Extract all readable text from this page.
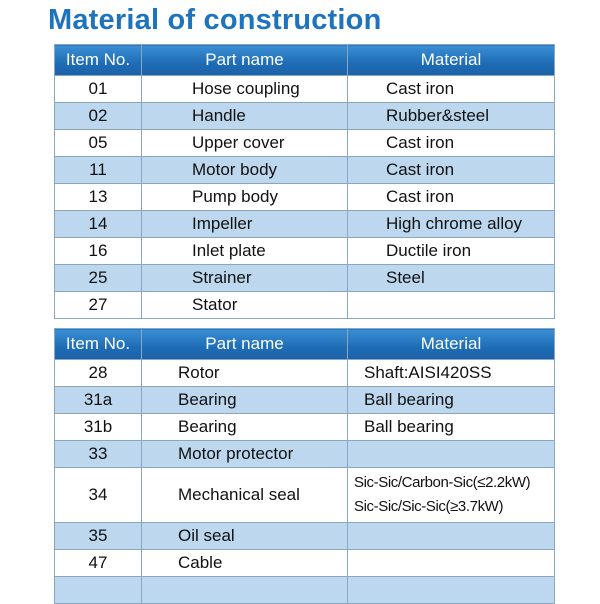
Material of construction
Item No.	Part name	Material
01	Hose coupling	Cast iron
02	Handle	Rubber&steel
05	Upper cover	Cast iron
11	Motor body	Cast iron
13	Pump body	Cast iron
14	Impeller	High chrome alloy
16	Inlet plate	Ductile iron
25	Strainer	Steel
27	Stator	
Item No.	Part name	Material
28	Rotor	Shaft:AISI420SS
31a	Bearing	Ball bearing
31b	Bearing	Ball bearing
33	Motor protector	
34	Mechanical seal	Sic-Sic/Carbon-Sic(≤2.2kW)
Sic-Sic/Sic-Sic(≥3.7kW)

35	Oil seal	
47	Cable	
